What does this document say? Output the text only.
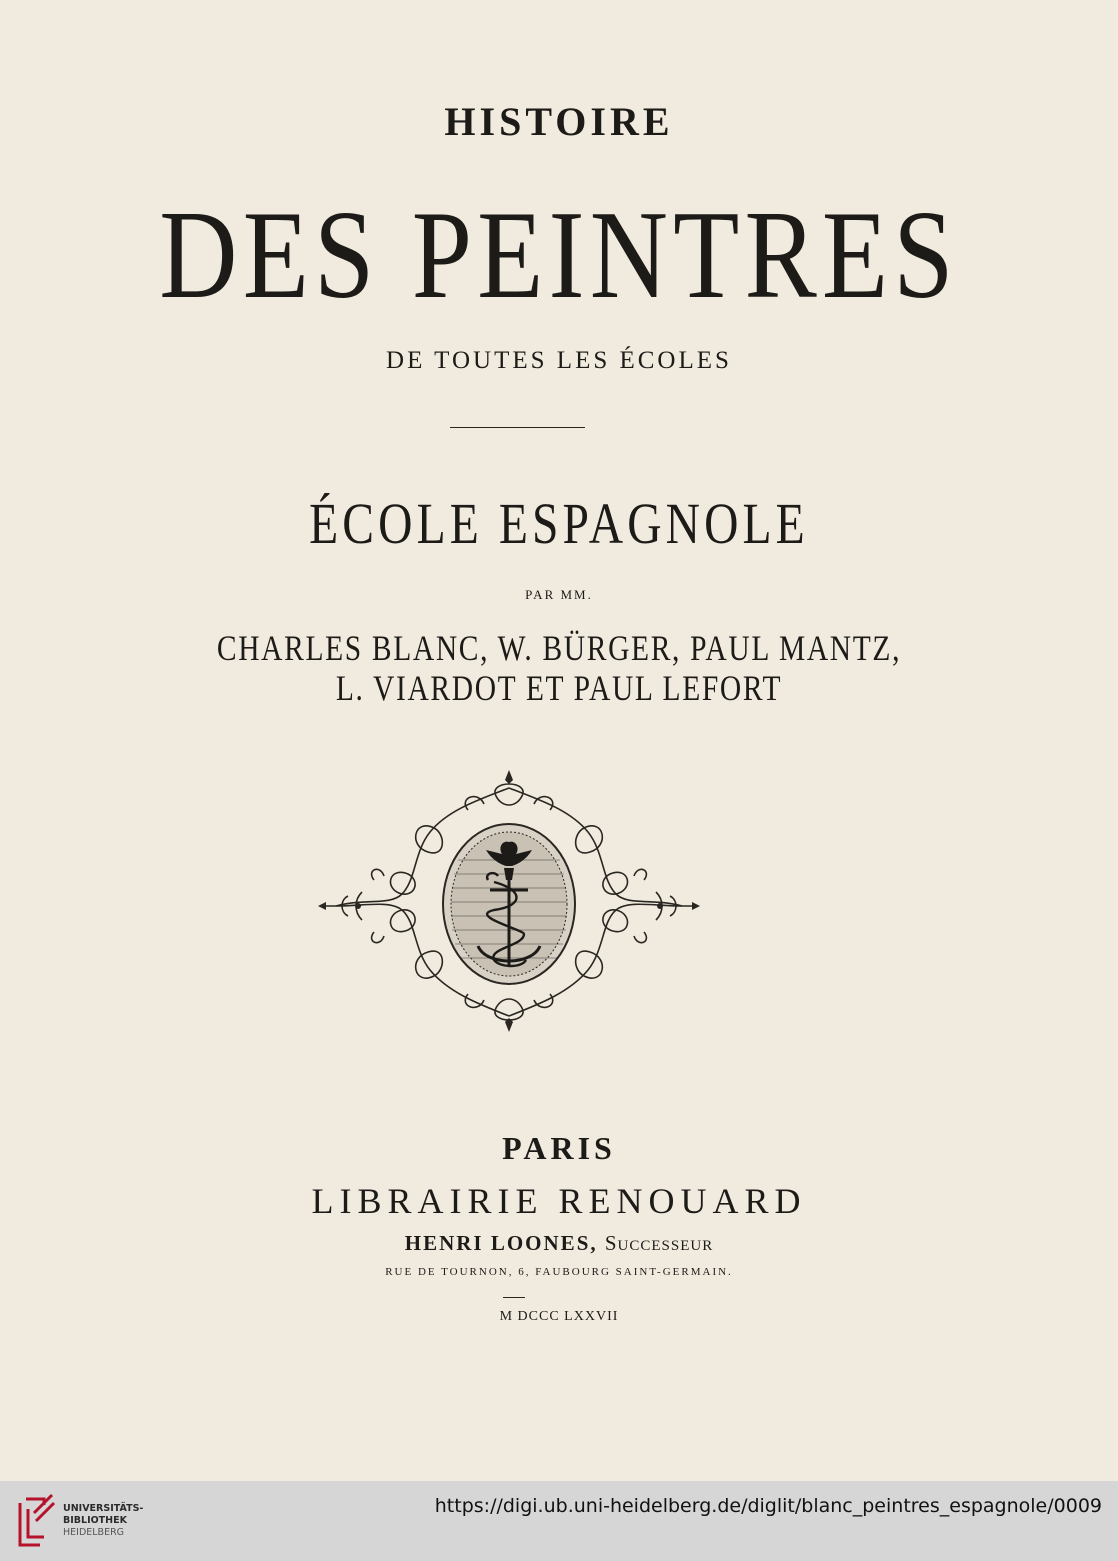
HISTOIRE
DES PEINTRES
DE TOUTES LES ÉCOLES
ÉCOLE ESPAGNOLE
PAR MM.
CHARLES BLANC, W. BÜRGER, PAUL MANTZ,
L. VIARDOT ET PAUL LEFORT
PARIS
LIBRAIRIE RENOUARD
HENRI LOONES, Successeur
RUE DE TOURNON, 6, FAUBOURG SAINT-GERMAIN.
M DCCC LXXVII
UNIVERSITÄTS-
BIBLIOTHEK
HEIDELBERG
https://digi.ub.uni-heidelberg.de/diglit/blanc_peintres_espagnole/0009
